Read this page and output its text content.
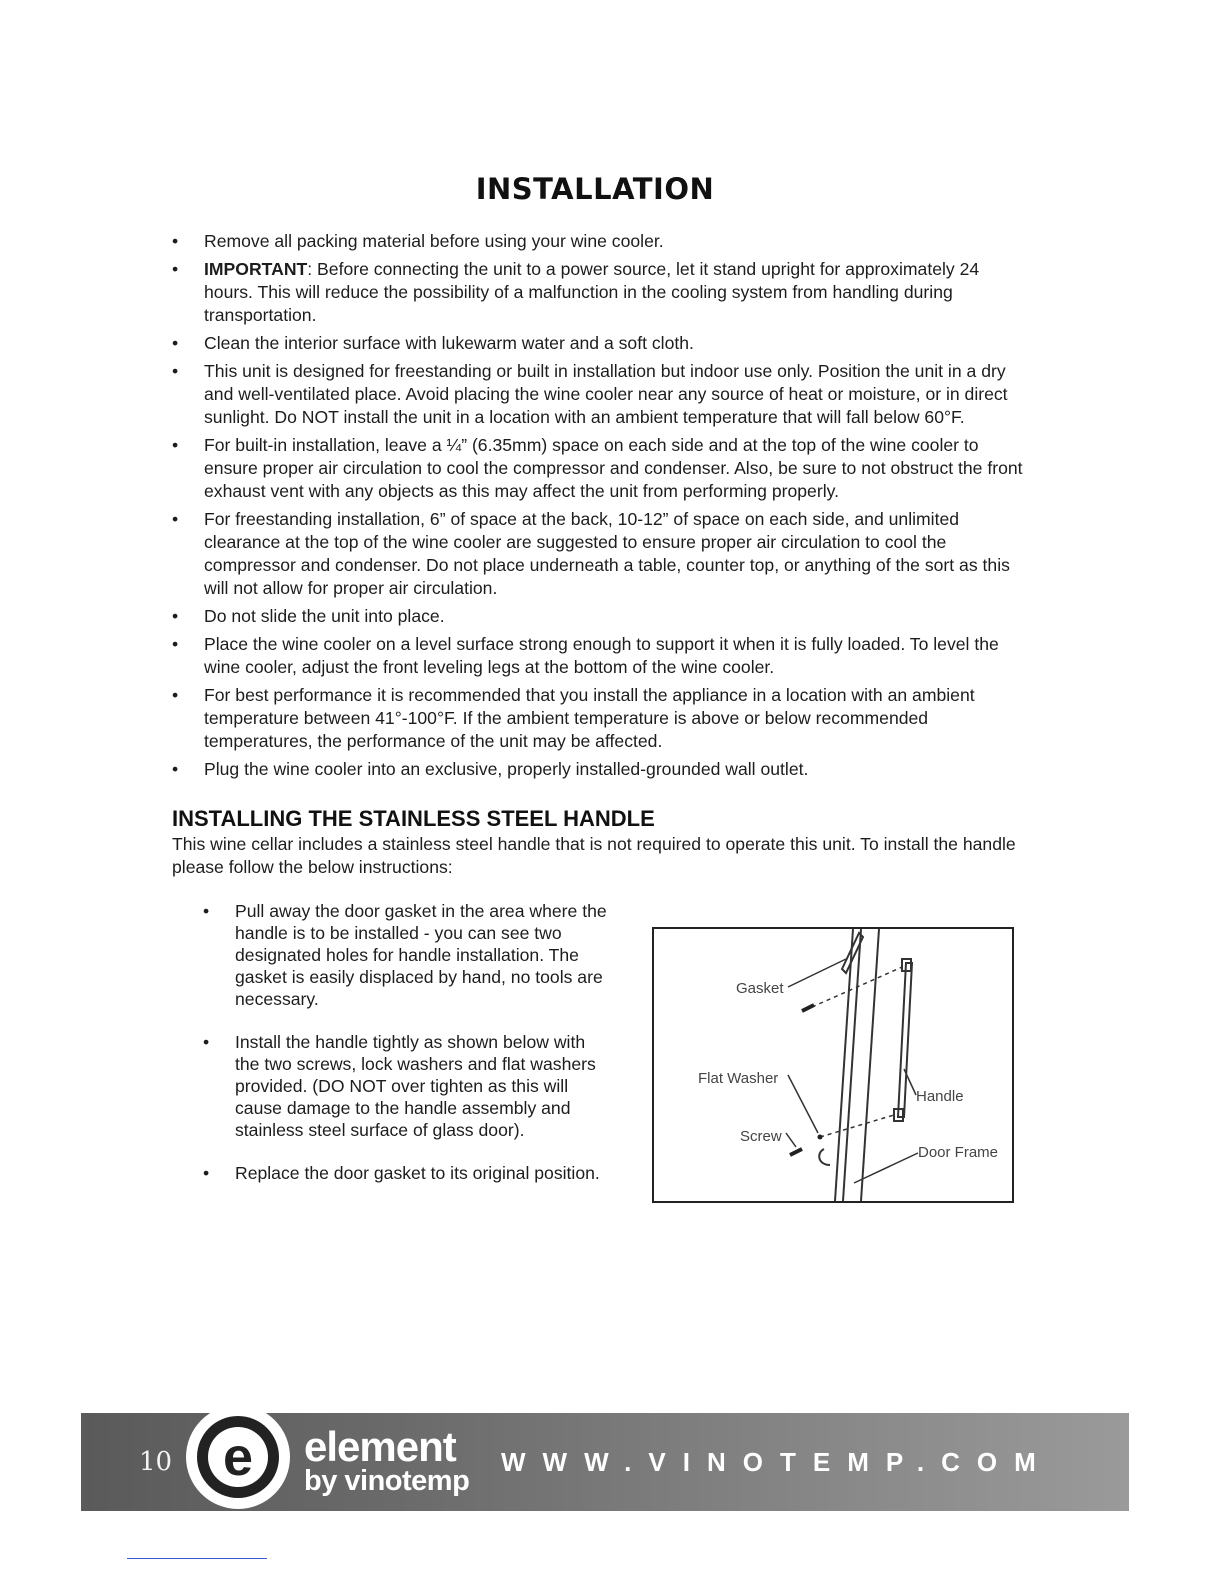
INSTALLATION
• Remove all packing material before using your wine cooler.
• IMPORTANT: Before connecting the unit to a power source, let it stand upright for approximately 24 hours. This will reduce the possibility of a malfunction in the cooling system from handling during transportation.
• Clean the interior surface with lukewarm water and a soft cloth.
• This unit is designed for freestanding or built in installation but indoor use only. Position the unit in a dry and well-ventilated place. Avoid placing the wine cooler near any source of heat or moisture, or in direct sunlight. Do NOT install the unit in a location with an ambient temperature that will fall below 60°F.
• For built-in installation, leave a ¼” (6.35mm) space on each side and at the top of the wine cooler to ensure proper air circulation to cool the compressor and condenser. Also, be sure to not obstruct the front exhaust vent with any objects as this may affect the unit from performing properly.
• For freestanding installation, 6” of space at the back, 10-12” of space on each side, and unlimited clearance at the top of the wine cooler are suggested to ensure proper air circulation to cool the compressor and condenser. Do not place underneath a table, counter top, or anything of the sort as this will not allow for proper air circulation.
• Do not slide the unit into place.
• Place the wine cooler on a level surface strong enough to support it when it is fully loaded. To level the wine cooler, adjust the front leveling legs at the bottom of the wine cooler.
• For best performance it is recommended that you install the appliance in a location with an ambient temperature between 41°-100°F. If the ambient temperature is above or below recommended temperatures, the performance of the unit may be affected.
• Plug the wine cooler into an exclusive, properly installed-grounded wall outlet.
INSTALLING THE STAINLESS STEEL HANDLE
This wine cellar includes a stainless steel handle that is not required to operate this unit. To install the handle please follow the below instructions:
• Pull away the door gasket in the area where the handle is to be installed - you can see two designated holes for handle installation. The gasket is easily displaced by hand, no tools are necessary.
• Install the handle tightly as shown below with the two screws, lock washers and flat washers provided. (DO NOT over tighten as this will cause damage to the handle assembly and stainless steel surface of glass door).
• Replace the door gasket to its original position.
Gasket
Flat Washer
Screw
Handle
Door Frame
10 e element
by vinotemp
WWW.VINOTEMP.COM
